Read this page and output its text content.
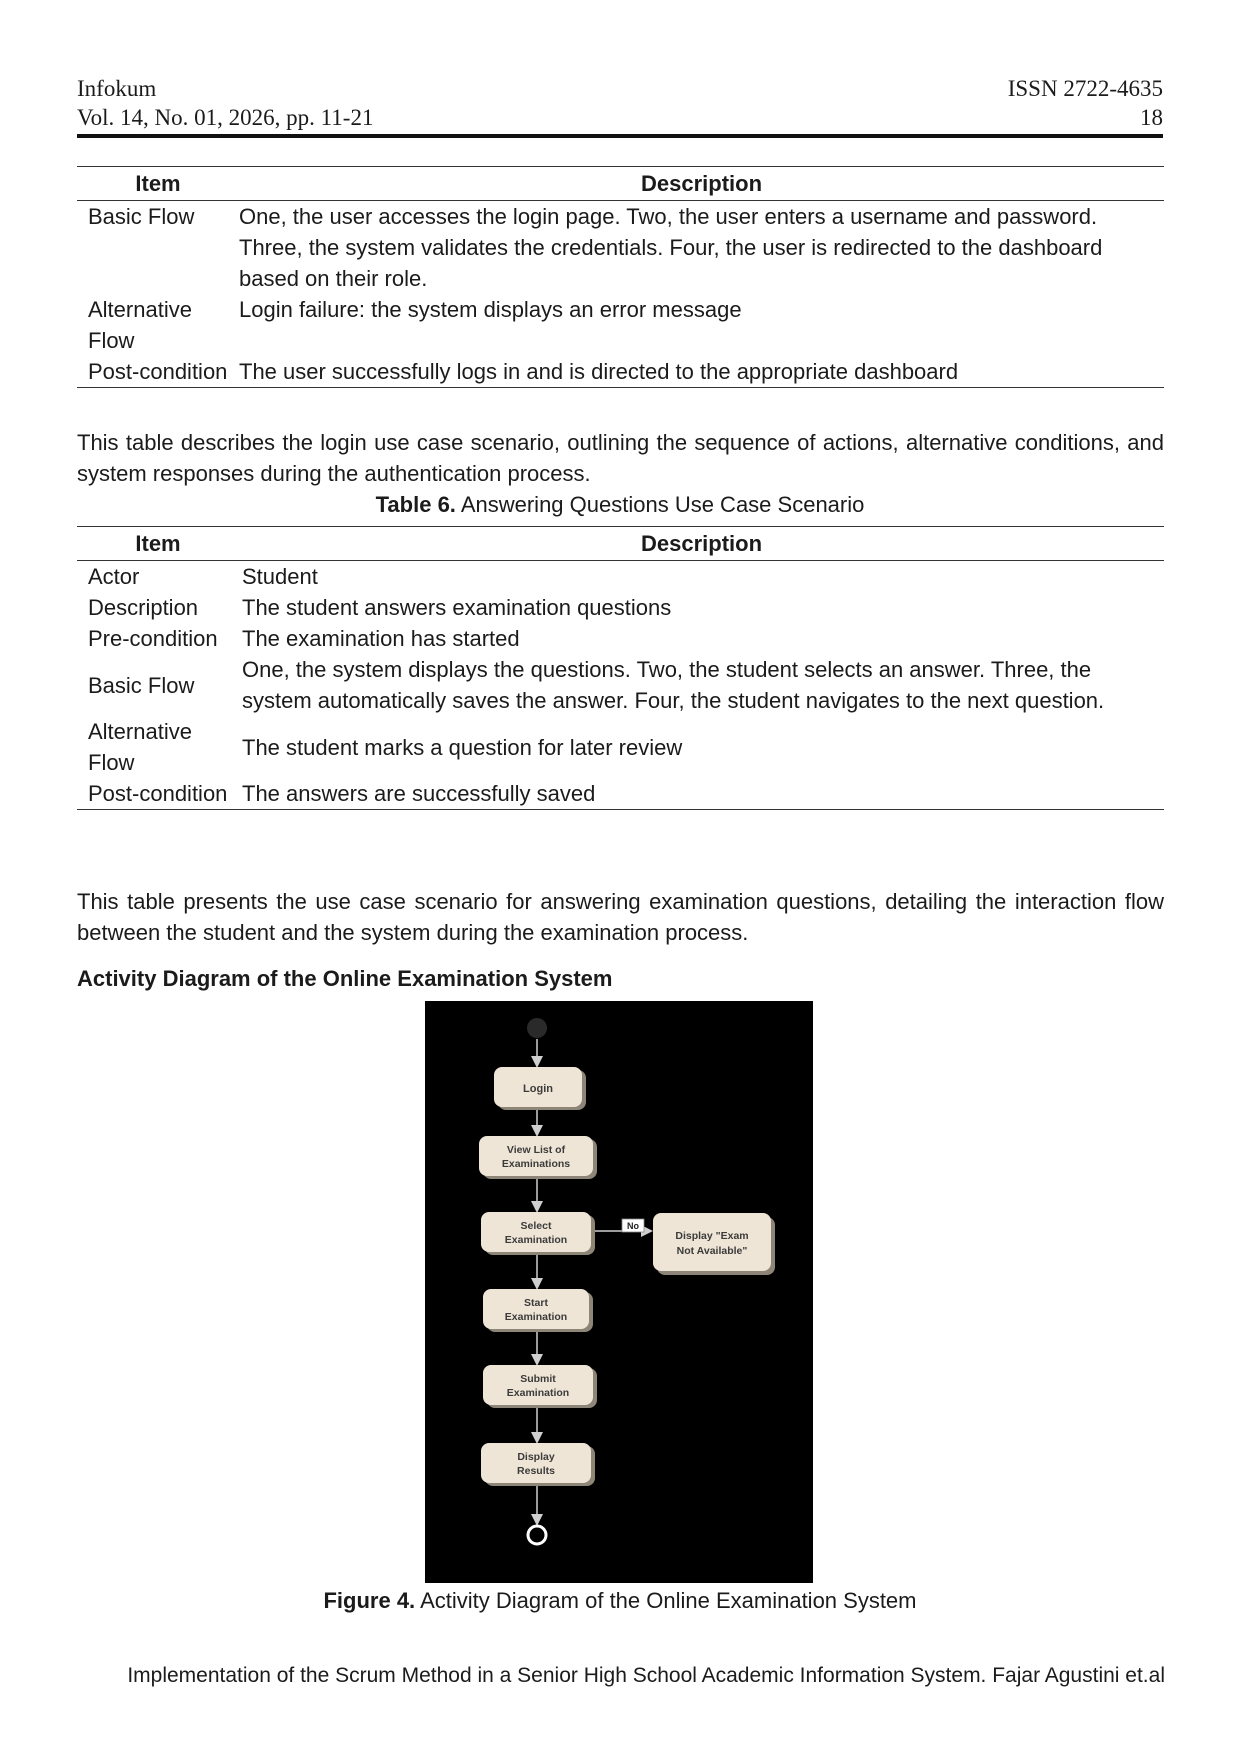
Infokum	ISSN 2722-4635
Vol. 14, No. 01, 2026, pp. 11-21	18
Item	Description
Basic Flow	One, the user accesses the login page. Two, the user enters a username and password. Three, the system validates the credentials. Four, the user is redirected to the dashboard based on their role.
Alternative Flow	Login failure: the system displays an error message
Post-condition	The user successfully logs in and is directed to the appropriate dashboard
This table describes the login use case scenario, outlining the sequence of actions, alternative conditions, and system responses during the authentication process.
Table 6. Answering Questions Use Case Scenario
Item	Description
Actor	Student
Description	The student answers examination questions
Pre-condition	The examination has started
Basic Flow	One, the system displays the questions. Two, the student selects an answer. Three, the system automatically saves the answer. Four, the student navigates to the next question.
Alternative Flow	The student marks a question for later review
Post-condition	The answers are successfully saved
This table presents the use case scenario for answering examination questions, detailing the interaction flow between the student and the system during the examination process.
Activity Diagram of the Online Examination System
Login
View List of
Examinations
Select
Examination
No
Display "Exam
Not Available"
Start
Examination
Submit
Examination
Display
Results
Figure 4. Activity Diagram of the Online Examination System
Implementation of the Scrum Method in a Senior High School Academic Information System. Fajar Agustini et.al
